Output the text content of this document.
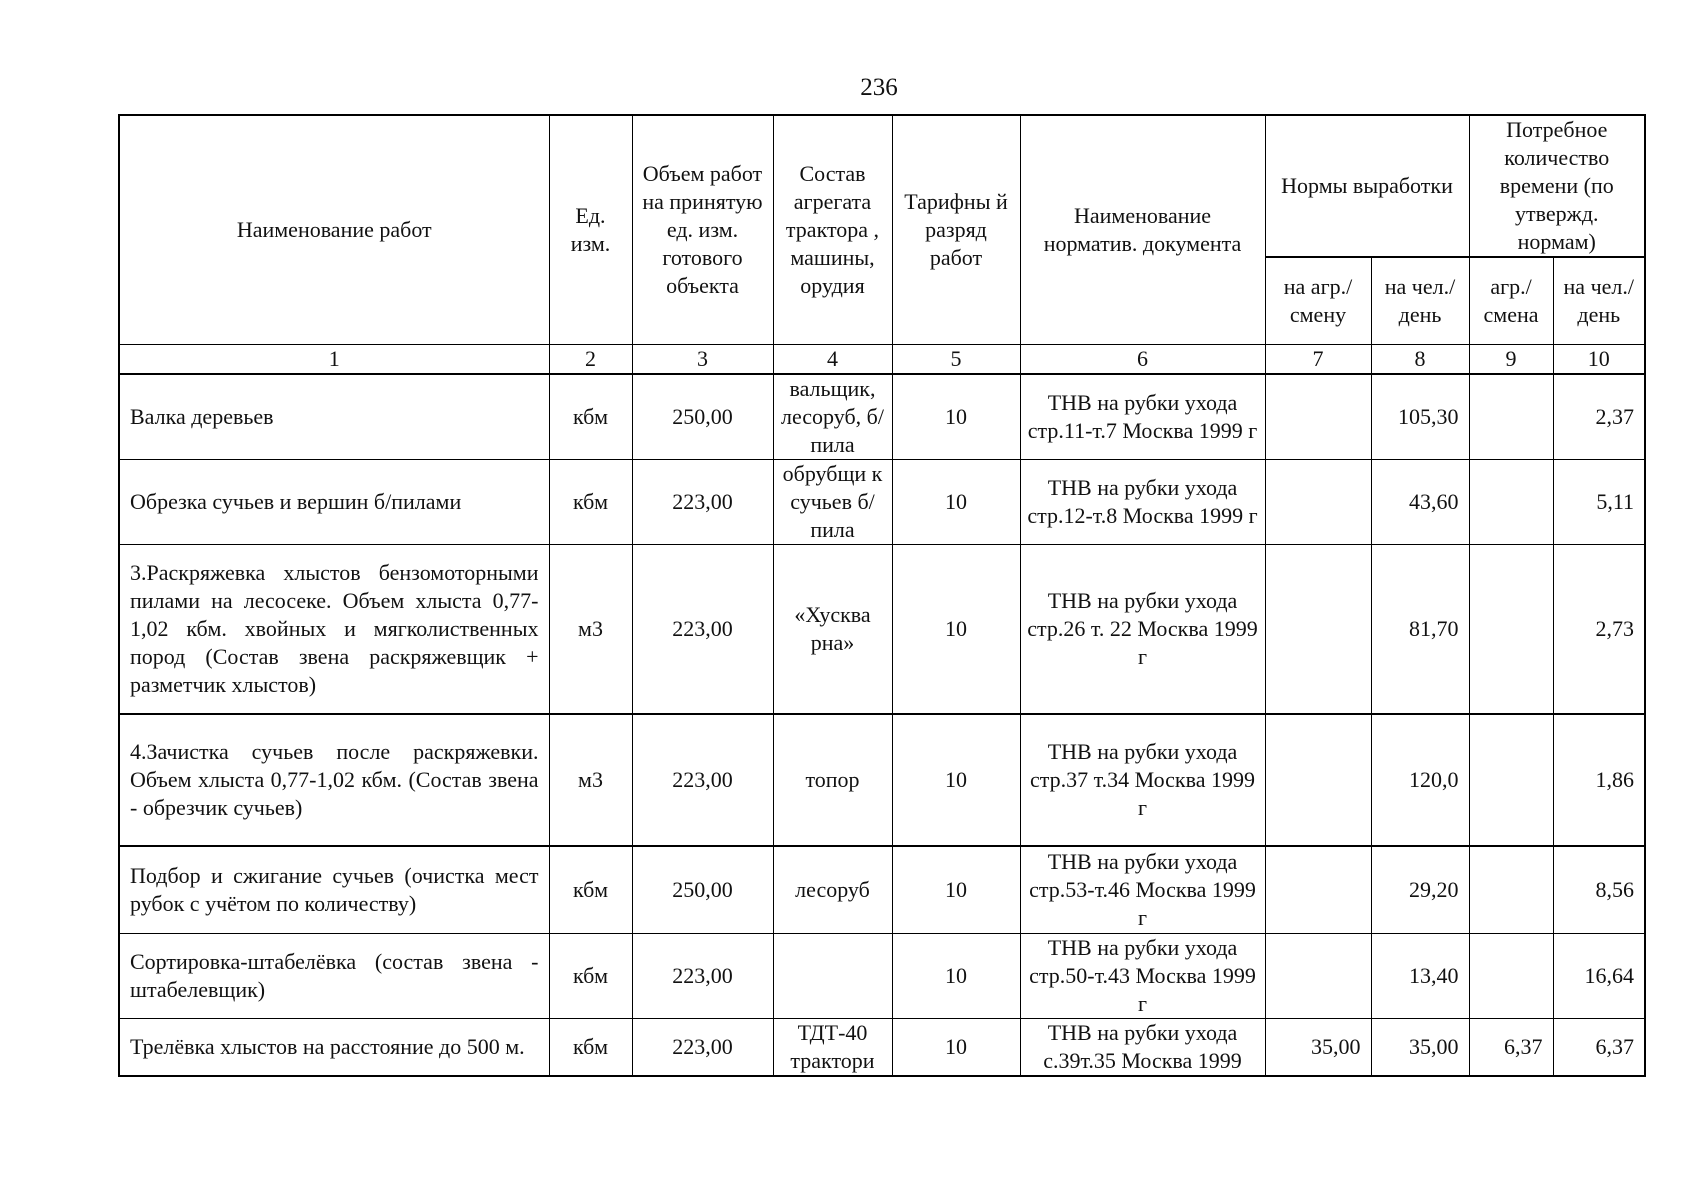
236
Наименование работ	Ед. изм.	Объем работ на принятую ед. изм. готового объекта	Состав агрегата трактора , машины, орудия	Тарифны й разряд работ	Наименование норматив. документа	Нормы выработки		Потребное количество времени (по утвержд. нормам)	
						на агр./ смену	на чел./ день	агр./ смена	на чел./ день
1	2	3	4	5	6	7	8	9	10
Валка деревьев	кбм	250,00	вальщик, лесоруб, б/пила	10	ТНВ на рубки ухода стр.11-т.7 Москва 1999 г		105,30		2,37
Обрезка сучьев и вершин б/пилами	кбм	223,00	обрубщи к сучьев б/пила	10	ТНВ на рубки ухода стр.12-т.8 Москва 1999 г		43,60		5,11
3.Раскряжевка хлыстов бензомоторными пилами на лесосеке. Объем хлыста 0,77-1,02 кбм. хвойных и мягколиственных пород (Состав звена раскряжевщик + разметчик хлыстов)	м3	223,00	«Хусква рна»	10	ТНВ на рубки ухода стр.26 т. 22 Москва 1999 г		81,70		2,73
4.Зачистка сучьев после раскряжевки. Объем хлыста 0,77-1,02 кбм. (Состав звена - обрезчик сучьев)	м3	223,00	топор	10	ТНВ на рубки ухода стр.37 т.34 Москва 1999 г		120,0		1,86
Подбор и сжигание сучьев (очистка мест рубок с учётом по количеству)	кбм	250,00	лесоруб	10	ТНВ на рубки ухода стр.53-т.46 Москва 1999 г		29,20		8,56
Сортировка-штабелёвка (состав звена - штабелевщик)	кбм	223,00		10	ТНВ на рубки ухода стр.50-т.43 Москва 1999 г		13,40		16,64
Трелёвка хлыстов на расстояние до 500 м.	кбм	223,00	ТДТ-40 трактори	10	ТНВ на рубки ухода с.39т.35 Москва 1999	35,00	35,00	6,37	6,37
